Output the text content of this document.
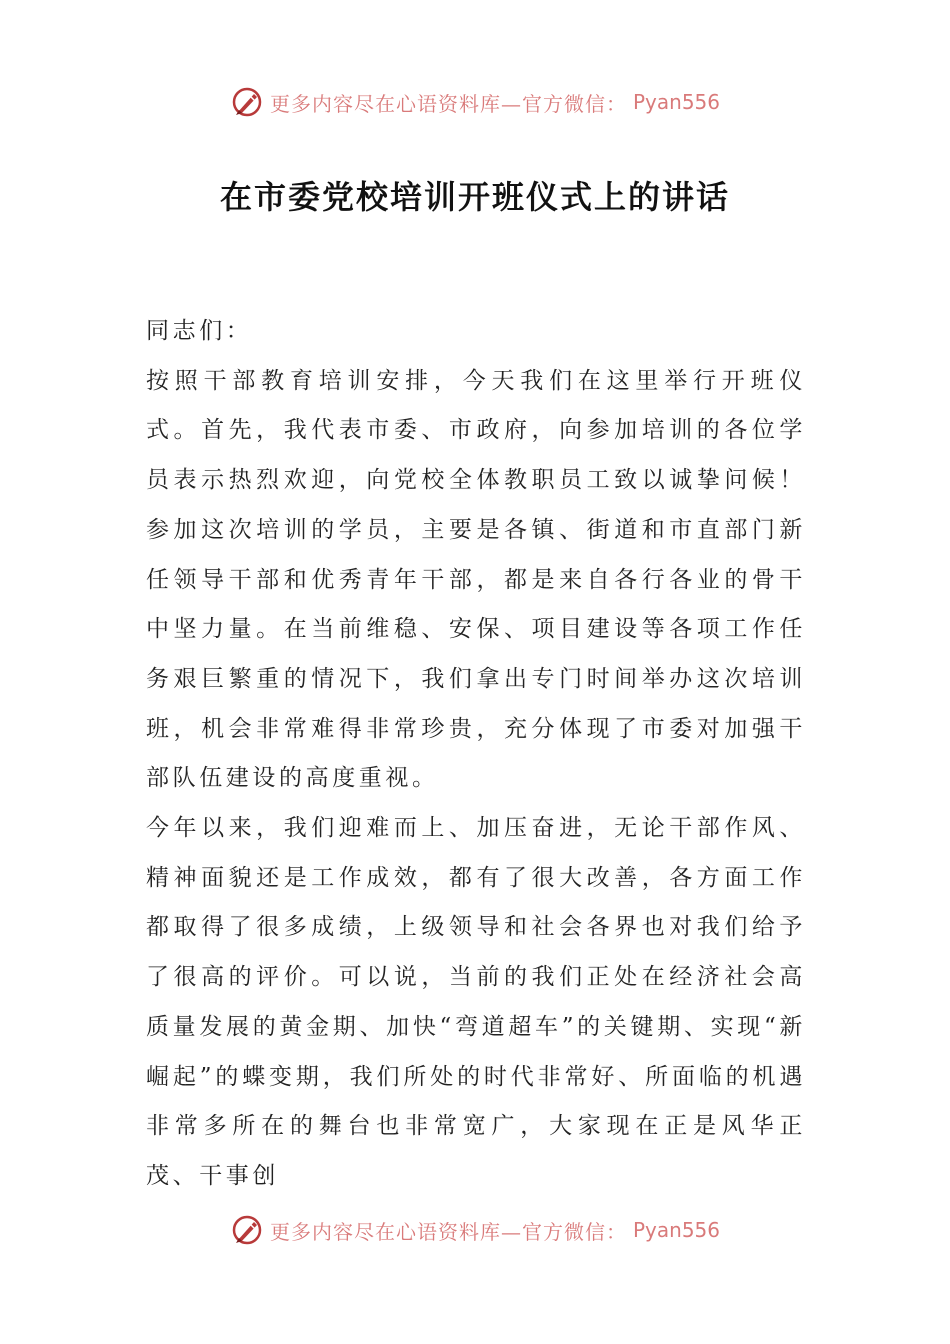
更多内容尽在心语资料库—官方微信： Pyan556
在市委党校培训开班仪式上的讲话

同志们：

按照干部教育培训安排，今天我们在这里举行开班仪式。首先，我代表市委、市政府，向参加培训的各位学员表示热烈欢迎，向党校全体教职员工致以诚挚问候！参加这次培训的学员，主要是各镇、街道和市直部门新任领导干部和优秀青年干部，都是来自各行各业的骨干中坚力量。在当前维稳、安保、项目建设等各项工作任务艰巨繁重的情况下，我们拿出专门时间举办这次培训班，机会非常难得非常珍贵，充分体现了市委对加强干部队伍建设的高度重视。

今年以来，我们迎难而上、加压奋进，无论干部作风、精神面貌还是工作成效，都有了很大改善，各方面工作都取得了很多成绩，上级领导和社会各界也对我们给予了很高的评价。可以说，当前的我们正处在经济社会高质量发展的黄金期、加快“弯道超车”的关键期、实现“新崛起”的蝶变期，我们所处的时代非常好、所面临的机遇非常多所在的舞台也非常宽广，大家现在正是风华正茂、干事创

更多内容尽在心语资料库—官方微信： Pyan556
